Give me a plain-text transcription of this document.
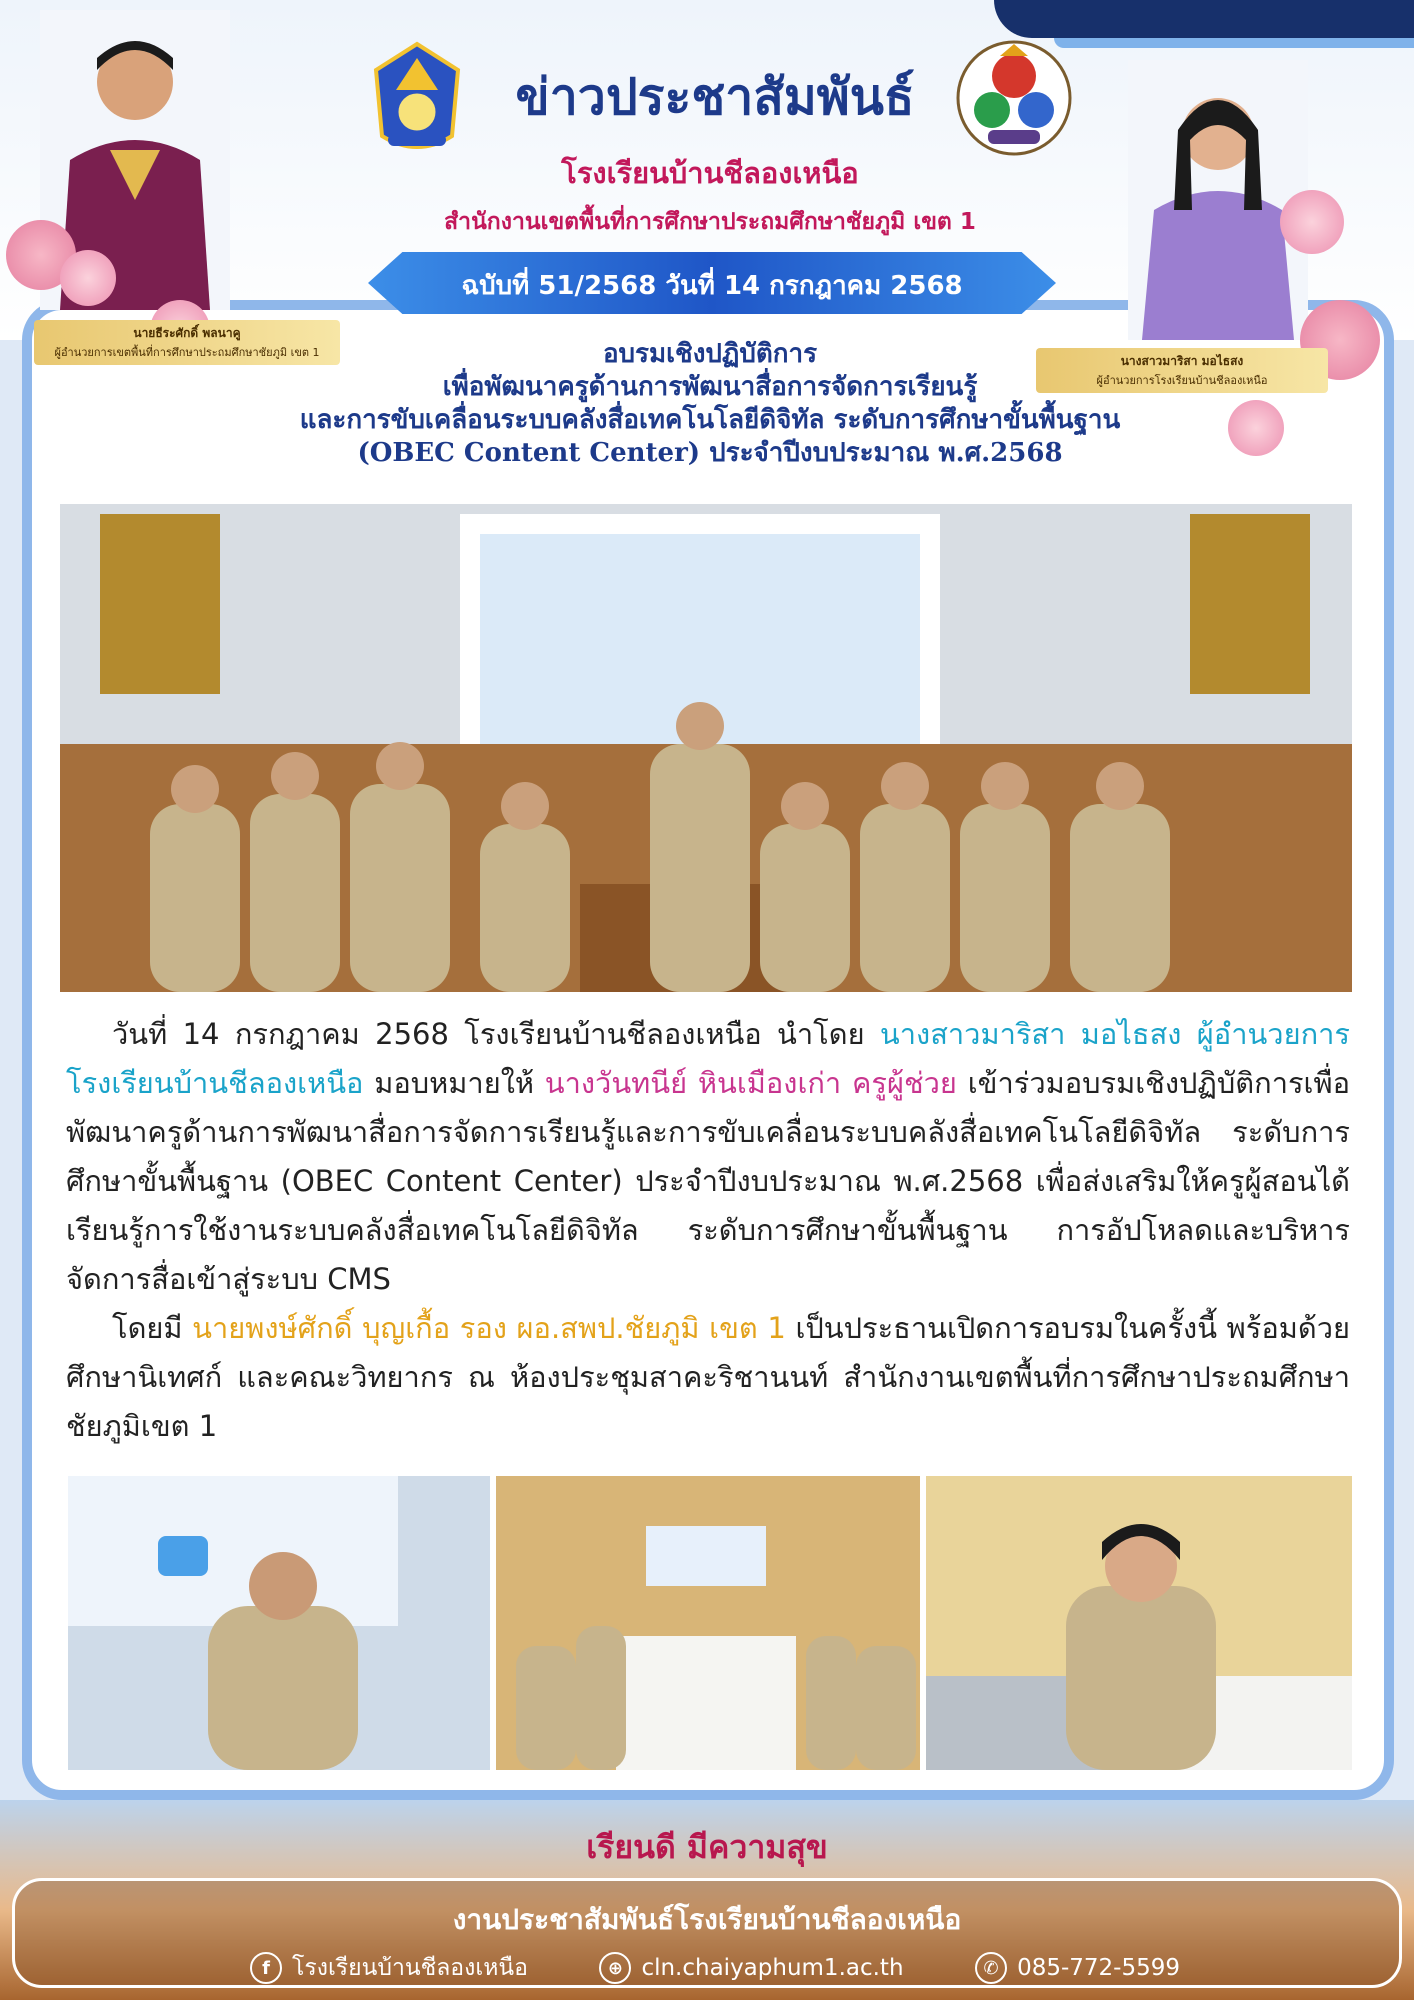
ข่าวประชาสัมพันธ์
โรงเรียนบ้านชีลองเหนือ
สำนักงานเขตพื้นที่การศึกษาประถมศึกษาชัยภูมิ เขต 1
ฉบับที่ 51/2568 วันที่ 14 กรกฎาคม 2568
นายธีระศักดิ์ พลนาคู
ผู้อำนวยการเขตพื้นที่การศึกษาประถมศึกษาชัยภูมิ เขต 1
นางสาวมาริสา มอไธสง
ผู้อำนวยการโรงเรียนบ้านชีลองเหนือ
อบรมเชิงปฏิบัติการ
เพื่อพัฒนาครูด้านการพัฒนาสื่อการจัดการเรียนรู้
และการขับเคลื่อนระบบคลังสื่อเทคโนโลยีดิจิทัล ระดับการศึกษาขั้นพื้นฐาน
(OBEC Content Center) ประจำปีงบประมาณ พ.ศ.2568

วันที่ 14 กรกฎาคม 2568 โรงเรียนบ้านชีลองเหนือ นำโดย นางสาวมาริสา มอไธสง ผู้อำนวยการโรงเรียนบ้านชีลองเหนือ มอบหมายให้ นางวันทนีย์ หินเมืองเก่า ครูผู้ช่วย เข้าร่วมอบรมเชิงปฏิบัติการเพื่อพัฒนาครูด้านการพัฒนาสื่อการจัดการเรียนรู้และการขับเคลื่อนระบบคลังสื่อเทคโนโลยีดิจิทัล ระดับการศึกษาขั้นพื้นฐาน (OBEC Content Center) ประจำปีงบประมาณ พ.ศ.2568 เพื่อส่งเสริมให้ครูผู้สอนได้เรียนรู้การใช้งานระบบคลังสื่อเทคโนโลยีดิจิทัล ระดับการศึกษาขั้นพื้นฐาน การอัปโหลดและบริหารจัดการสื่อเข้าสู่ระบบ CMS

โดยมี นายพงษ์ศักดิ์ บุญเกื้อ รอง ผอ.สพป.ชัยภูมิ เขต 1 เป็นประธานเปิดการอบรมในครั้งนี้ พร้อมด้วย ศึกษานิเทศก์ และคณะวิทยากร ณ ห้องประชุมสาคะริชานนท์ สำนักงานเขตพื้นที่การศึกษาประถมศึกษาชัยภูมิเขต 1

เรียนดี มีความสุข
งานประชาสัมพันธ์โรงเรียนบ้านชีลองเหนือ
f โรงเรียนบ้านชีลองเหนือ	⊕ cln.chaiyaphum1.ac.th	✆ 085-772-5599
